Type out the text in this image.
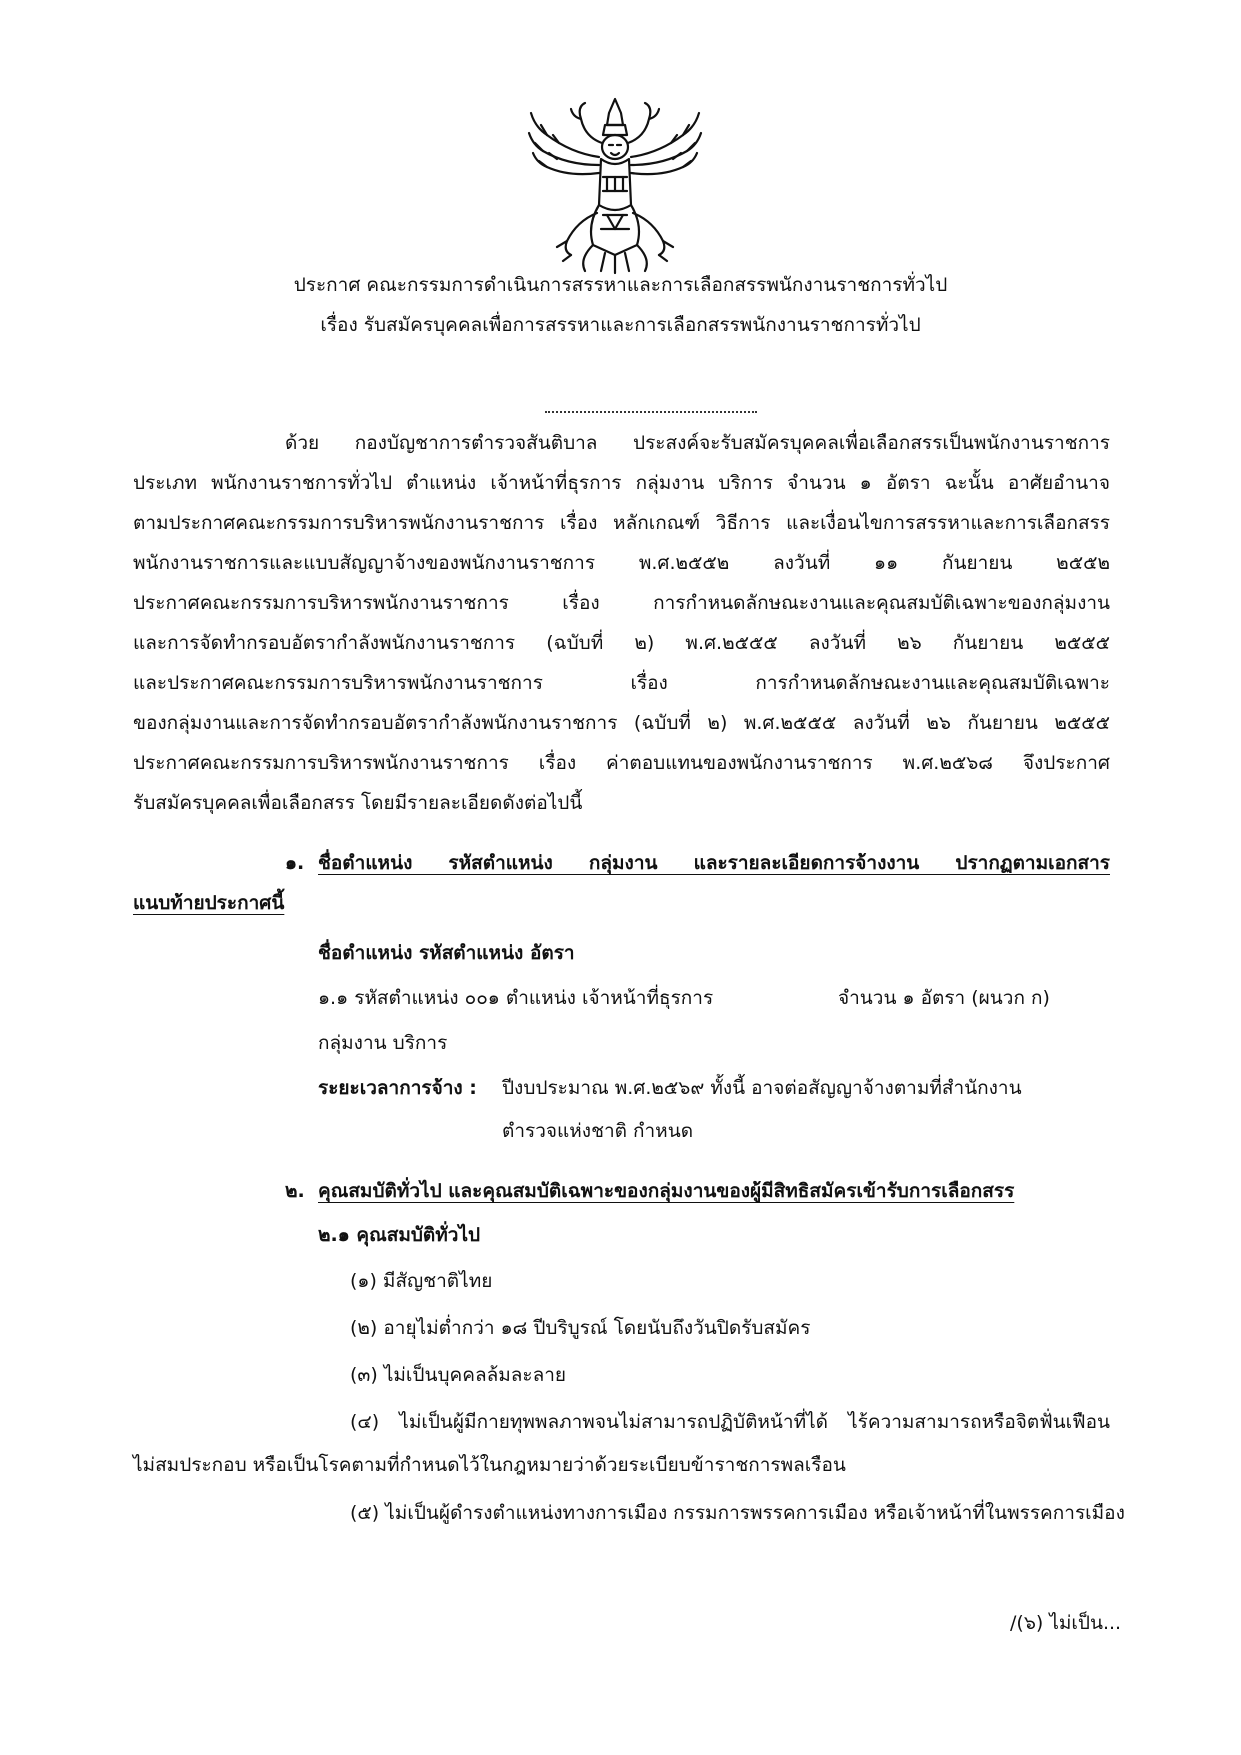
ประกาศ คณะกรรมการดำเนินการสรรหาและการเลือกสรรพนักงานราชการทั่วไป
เรื่อง รับสมัครบุคคลเพื่อการสรรหาและการเลือกสรรพนักงานราชการทั่วไป
ด้วย กองบัญชาการตำรวจสันติบาล ประสงค์จะรับสมัครบุคคลเพื่อเลือกสรรเป็นพนักงานราชการ
ประเภท พนักงานราชการทั่วไป ตำแหน่ง เจ้าหน้าที่ธุรการ กลุ่มงาน บริการ จำนวน ๑ อัตรา ฉะนั้น อาศัยอำนาจ
ตามประกาศคณะกรรมการบริหารพนักงานราชการ เรื่อง หลักเกณฑ์ วิธีการ และเงื่อนไขการสรรหาและการเลือกสรร
พนักงานราชการและแบบสัญญาจ้างของพนักงานราชการ พ.ศ.๒๕๕๒ ลงวันที่ ๑๑ กันยายน ๒๕๕๒
ประกาศคณะกรรมการบริหารพนักงานราชการ เรื่อง การกำหนดลักษณะงานและคุณสมบัติเฉพาะของกลุ่มงาน
และการจัดทำกรอบอัตรากำลังพนักงานราชการ (ฉบับที่ ๒) พ.ศ.๒๕๕๕ ลงวันที่ ๒๖ กันยายน ๒๕๕๕
และประกาศคณะกรรมการบริหารพนักงานราชการ เรื่อง การกำหนดลักษณะงานและคุณสมบัติเฉพาะ
ของกลุ่มงานและการจัดทำกรอบอัตรากำลังพนักงานราชการ (ฉบับที่ ๒) พ.ศ.๒๕๕๕ ลงวันที่ ๒๖ กันยายน ๒๕๕๕
ประกาศคณะกรรมการบริหารพนักงานราชการ เรื่อง ค่าตอบแทนของพนักงานราชการ พ.ศ.๒๕๖๘ จึงประกาศ
รับสมัครบุคคลเพื่อเลือกสรร โดยมีรายละเอียดดังต่อไปนี้
๑. ชื่อตำแหน่ง รหัสตำแหน่ง กลุ่มงาน และรายละเอียดการจ้างงาน ปรากฏตามเอกสาร
แนบท้ายประกาศนี้
ชื่อตำแหน่ง รหัสตำแหน่ง อัตรา
๑.๑ รหัสตำแหน่ง ๐๐๑ ตำแหน่ง เจ้าหน้าที่ธุรการ	จำนวน ๑ อัตรา (ผนวก ก)
กลุ่มงาน บริการ
ระยะเวลาการจ้าง : ปีงบประมาณ พ.ศ.๒๕๖๙ ทั้งนี้ อาจต่อสัญญาจ้างตามที่สำนักงาน
ตำรวจแห่งชาติ กำหนด
๒. คุณสมบัติทั่วไป และคุณสมบัติเฉพาะของกลุ่มงานของผู้มีสิทธิสมัครเข้ารับการเลือกสรร
๒.๑ คุณสมบัติทั่วไป
(๑) มีสัญชาติไทย
(๒) อายุไม่ต่ำกว่า ๑๘ ปีบริบูรณ์ โดยนับถึงวันปิดรับสมัคร
(๓) ไม่เป็นบุคคลล้มละลาย
(๔) ไม่เป็นผู้มีกายทุพพลภาพจนไม่สามารถปฏิบัติหน้าที่ได้ ไร้ความสามารถหรือจิตฟั่นเฟือน
ไม่สมประกอบ หรือเป็นโรคตามที่กำหนดไว้ในกฎหมายว่าด้วยระเบียบข้าราชการพลเรือน
(๕) ไม่เป็นผู้ดำรงตำแหน่งทางการเมือง กรรมการพรรคการเมือง หรือเจ้าหน้าที่ในพรรคการเมือง
/(๖) ไม่เป็น...
